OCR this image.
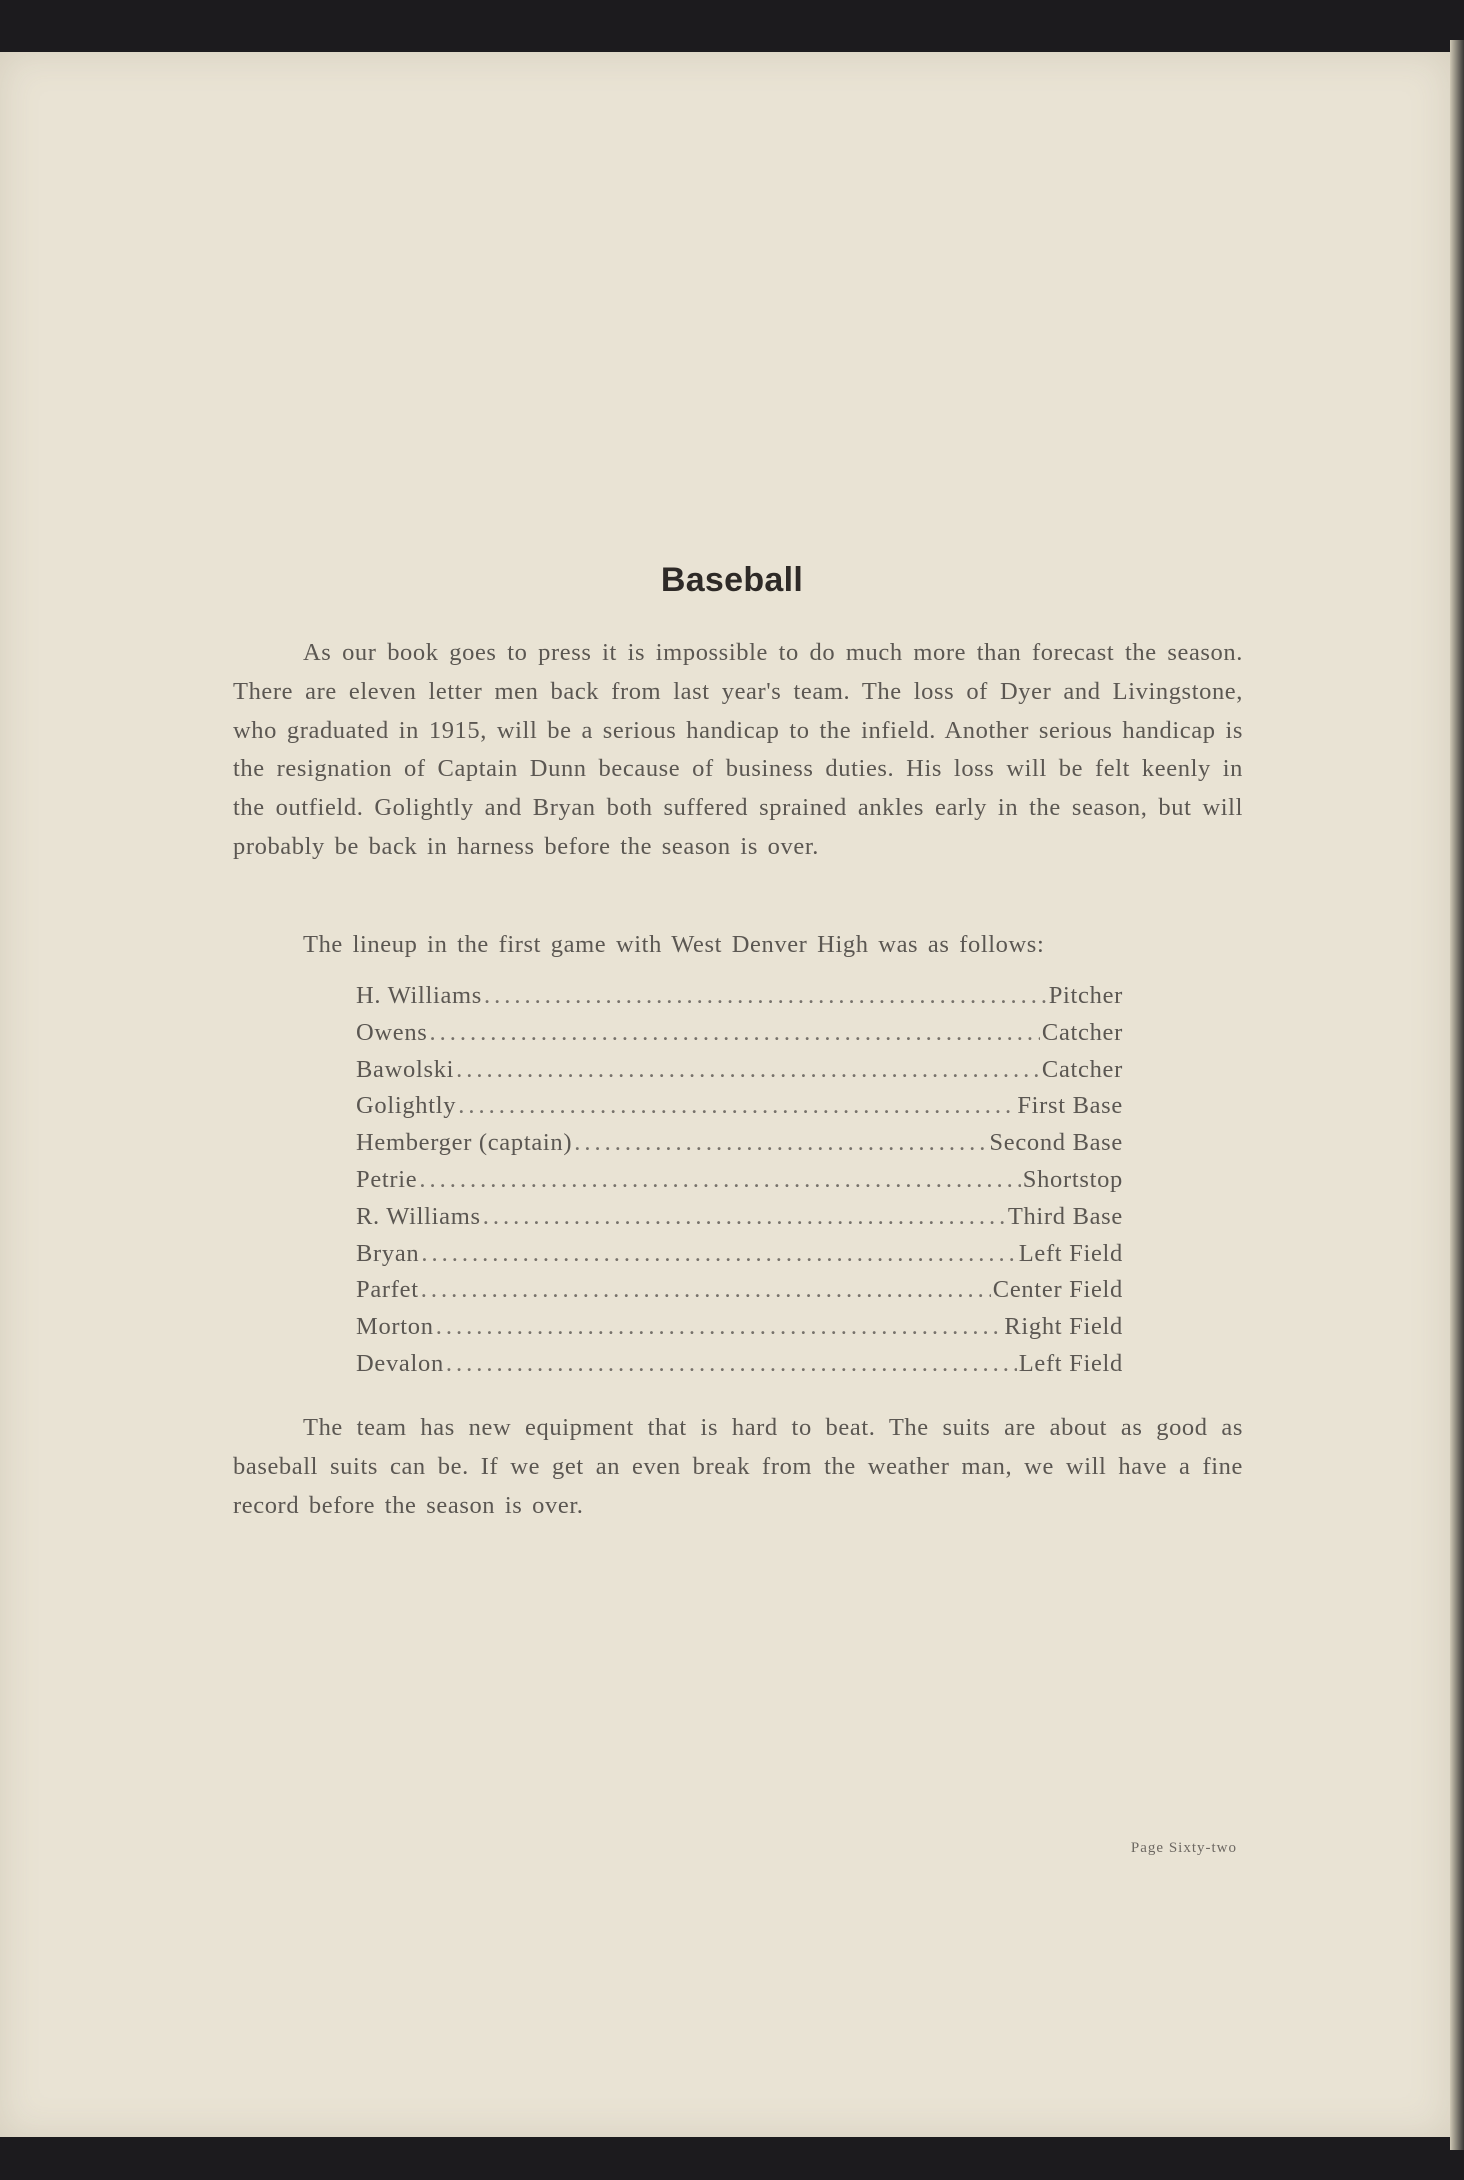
Baseball

As our book goes to press it is impossible to do much more than forecast the season. There are eleven letter men back from last year's team. The loss of Dyer and Livingstone, who graduated in 1915, will be a serious handicap to the infield. Another serious handicap is the resignation of Captain Dunn because of business duties. His loss will be felt keenly in the outfield. Golightly and Bryan both suffered sprained ankles early in the season, but will probably be back in harness before the season is over.

The lineup in the first game with West Denver High was as follows:

H. Williams .....	Pitcher
Owens .....	Catcher
Bawolski .....	Catcher
Golightly .....	First Base
Hemberger (captain) .....	Second Base
Petrie .....	Shortstop
R. Williams .....	Third Base
Bryan .....	Left Field
Parfet .....	Center Field
Morton .....	Right Field
Devalon .....	Left Field

The team has new equipment that is hard to beat. The suits are about as good as baseball suits can be. If we get an even break from the weather man, we will have a fine record before the season is over.

Page Sixty-two
